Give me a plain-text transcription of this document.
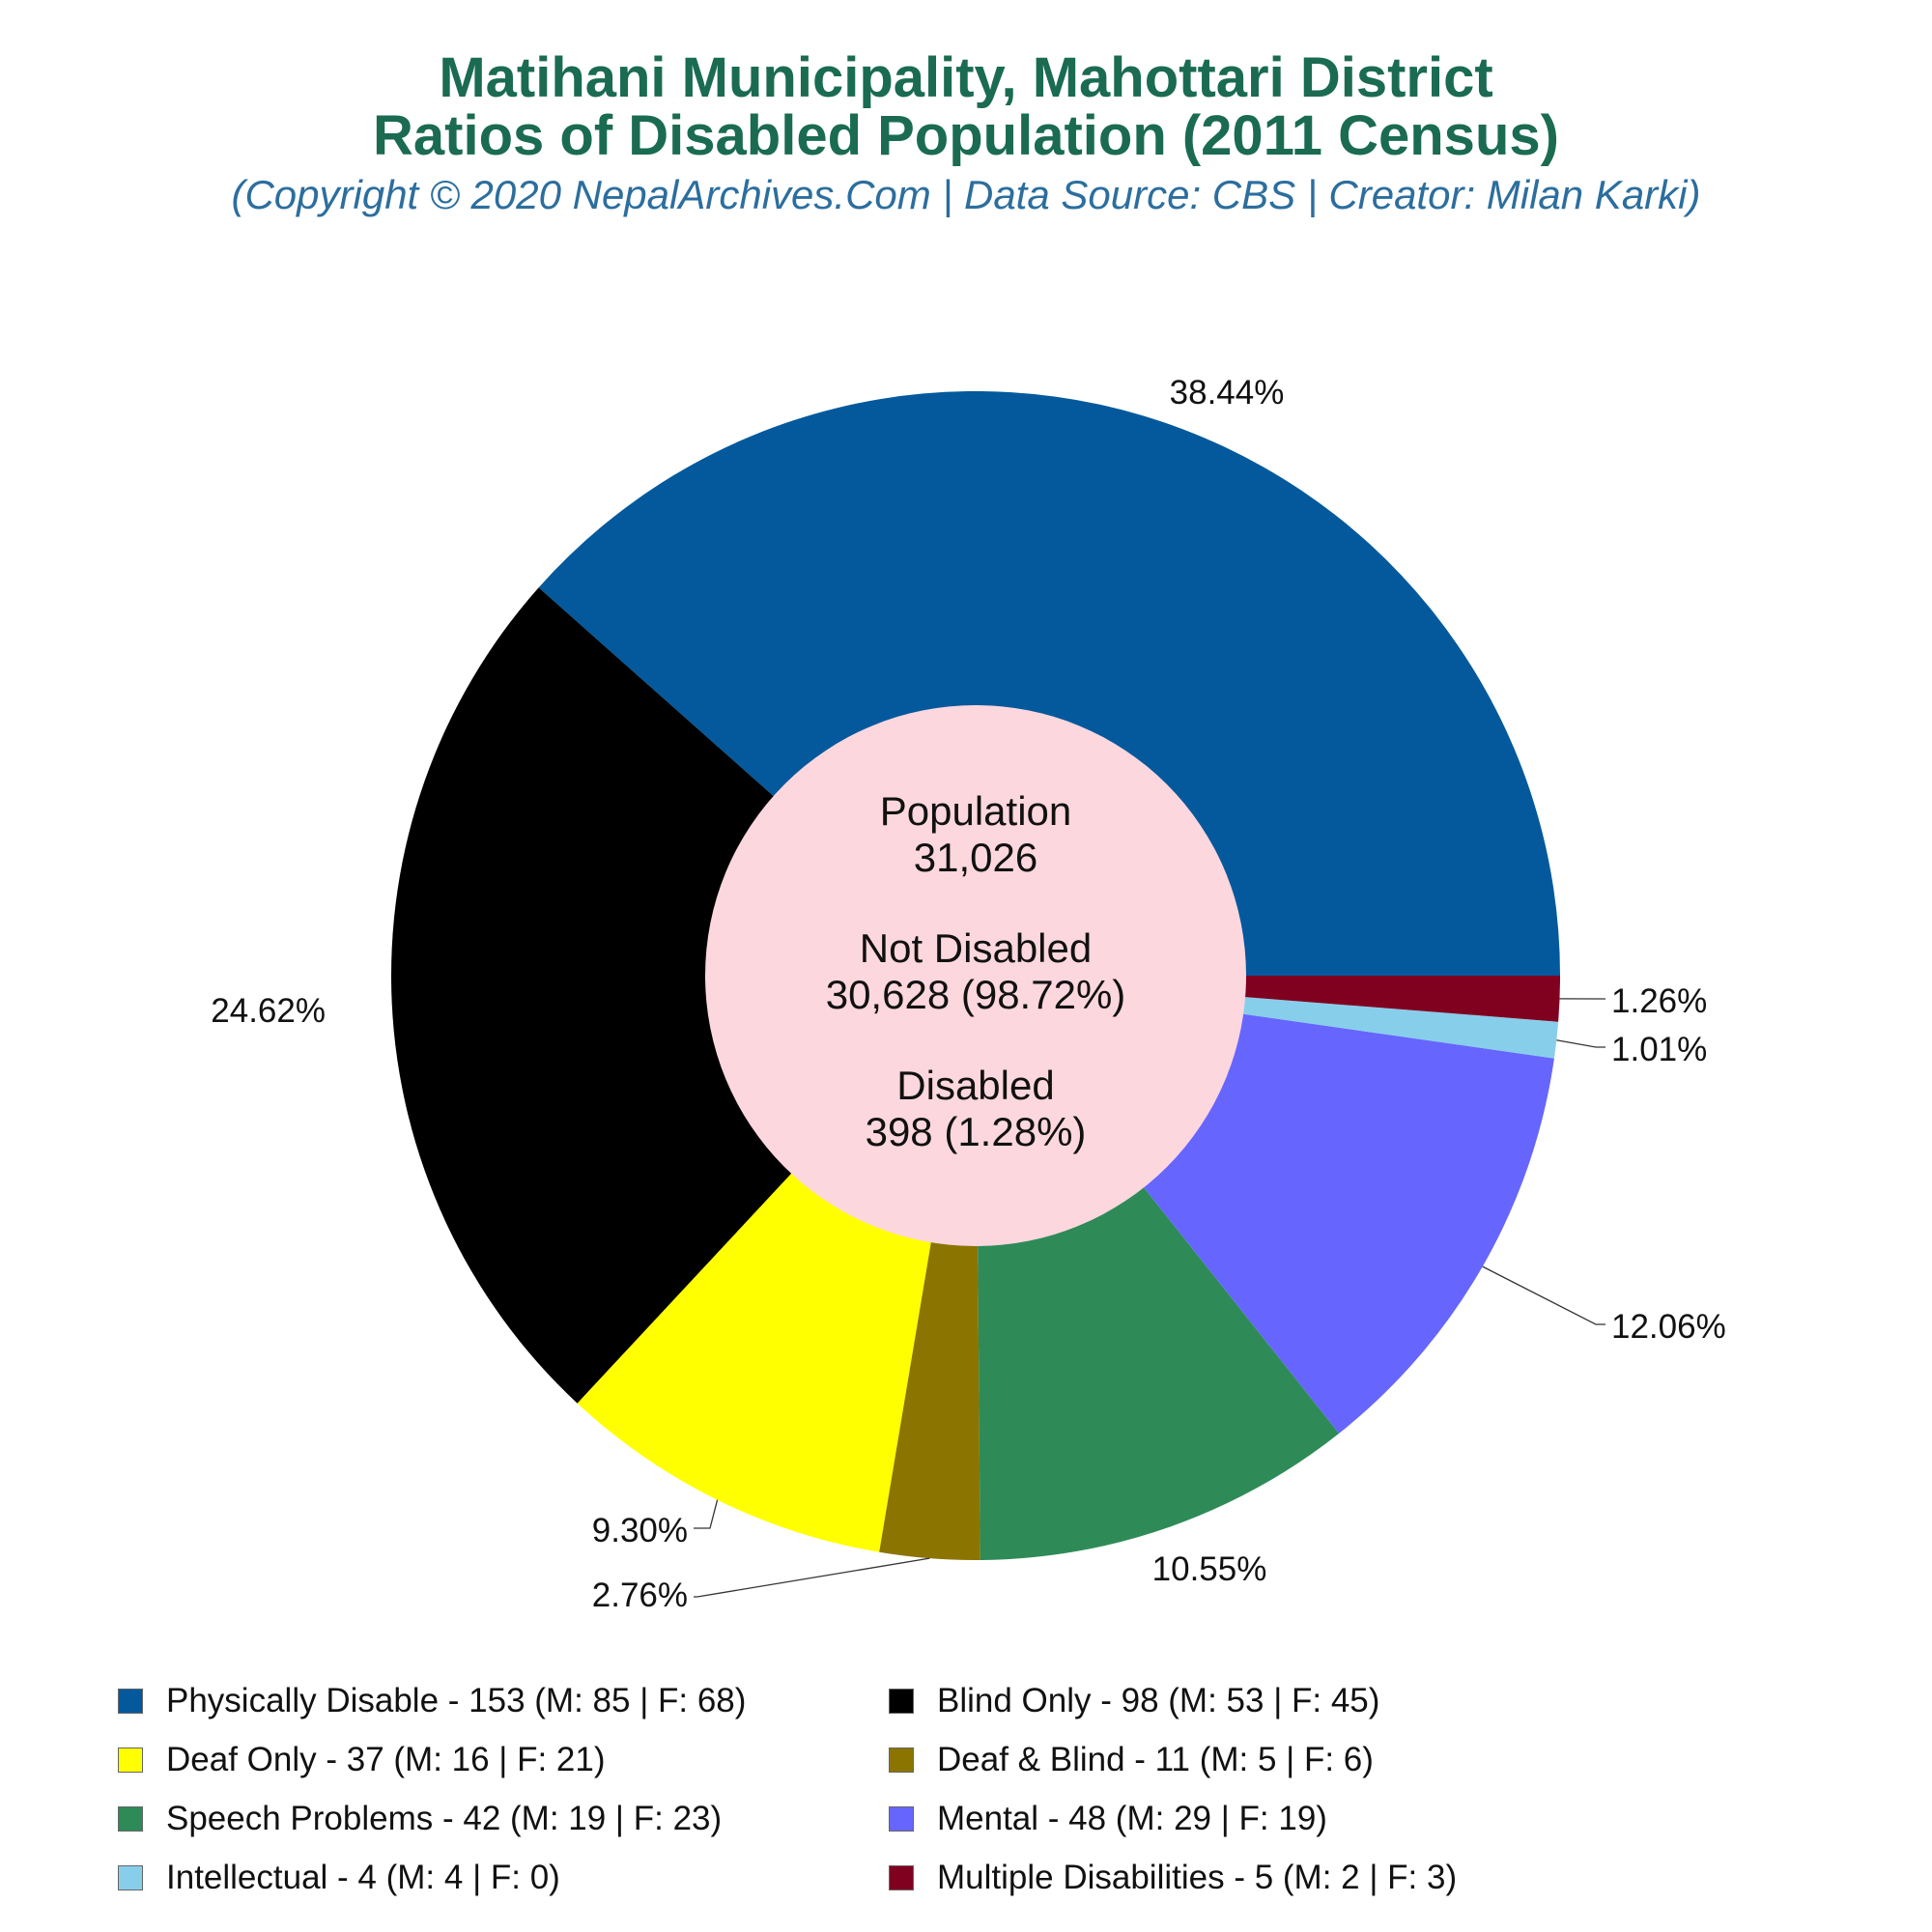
Matihani Municipality, Mahottari District
Ratios of Disabled Population (2011 Census)
(Copyright © 2020 NepalArchives.Com | Data Source: CBS | Creator: Milan Karki)
38.44%
24.62%
9.30%
2.76%
10.55%
12.06%
1.01%
1.26%
Population
31,026
Not Disabled
30,628 (98.72%)
Disabled
398 (1.28%)
Physically Disable - 153 (M: 85 | F: 68)	Blind Only - 98 (M: 53 | F: 45)
Deaf Only - 37 (M: 16 | F: 21)	Deaf & Blind - 11 (M: 5 | F: 6)
Speech Problems - 42 (M: 19 | F: 23)	Mental - 48 (M: 29 | F: 19)
Intellectual - 4 (M: 4 | F: 0)	Multiple Disabilities - 5 (M: 2 | F: 3)
